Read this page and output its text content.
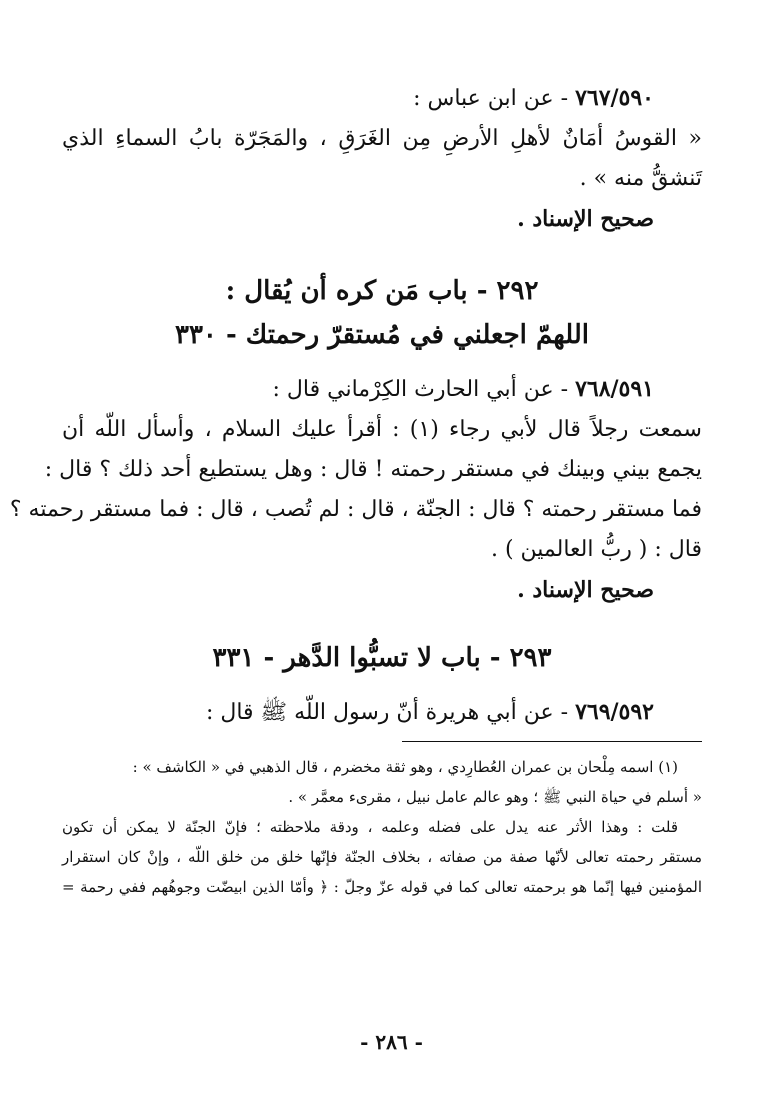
٧٦٧/٥٩٠ - عن ابن عباس :
« القوسُ أمَانٌ لأهلِ الأرضِ مِن الغَرَقِ ، والمَجَرّة بابُ السماءِ الذي
تَنشقُّ منه » .
صحيح الإسناد .
٢٩٢ - باب مَن كره أن يُقال :
اللهمّ اجعلني في مُستقرّ رحمتك - ٣٣٠
٧٦٨/٥٩١ - عن أبي الحارث الكِرْماني قال :
سمعت رجلاً قال لأبي رجاء (١) : أقرأ عليك السلام ، وأسأل اللّه أن
يجمع بيني وبينك في مستقر رحمته ! قال : وهل يستطيع أحد ذلك ؟ قال :
فما مستقر رحمته ؟ قال : الجنّة ، قال : لم تُصب ، قال : فما مستقر رحمته ؟
قال : ( ربُّ العالمين ) .
صحيح الإسناد .
٢٩٣ - باب لا تسبُّوا الدَّهر - ٣٣١
٧٦٩/٥٩٢ - عن أبي هريرة أنّ رسول اللّه ﷺ قال :
(١) اسمه مِلْحان بن عمران العُطارِدي ، وهو ثقة مخضرم ، قال الذهبي في « الكاشف » :
« أسلم في حياة النبي ﷺ ؛ وهو عالم عامل نبيل ، مقرىء معمَّر » .
قلت : وهذا الأثر عنه يدل على فضله وعلمه ، ودقة ملاحظته ؛ فإنّ الجنّة لا يمكن أن تكون
مستقر رحمته تعالى لأنّها صفة من صفاته ، بخلاف الجنّة فإنّها خلق من خلق اللّه ، وإنْ كان استقرار
المؤمنين فيها إنّما هو برحمته تعالى كما في قوله عزّ وجلّ : ﴿ وأمّا الذين ابيضّت وجوهُهم ففي رحمة =
- ٢٨٦ -
